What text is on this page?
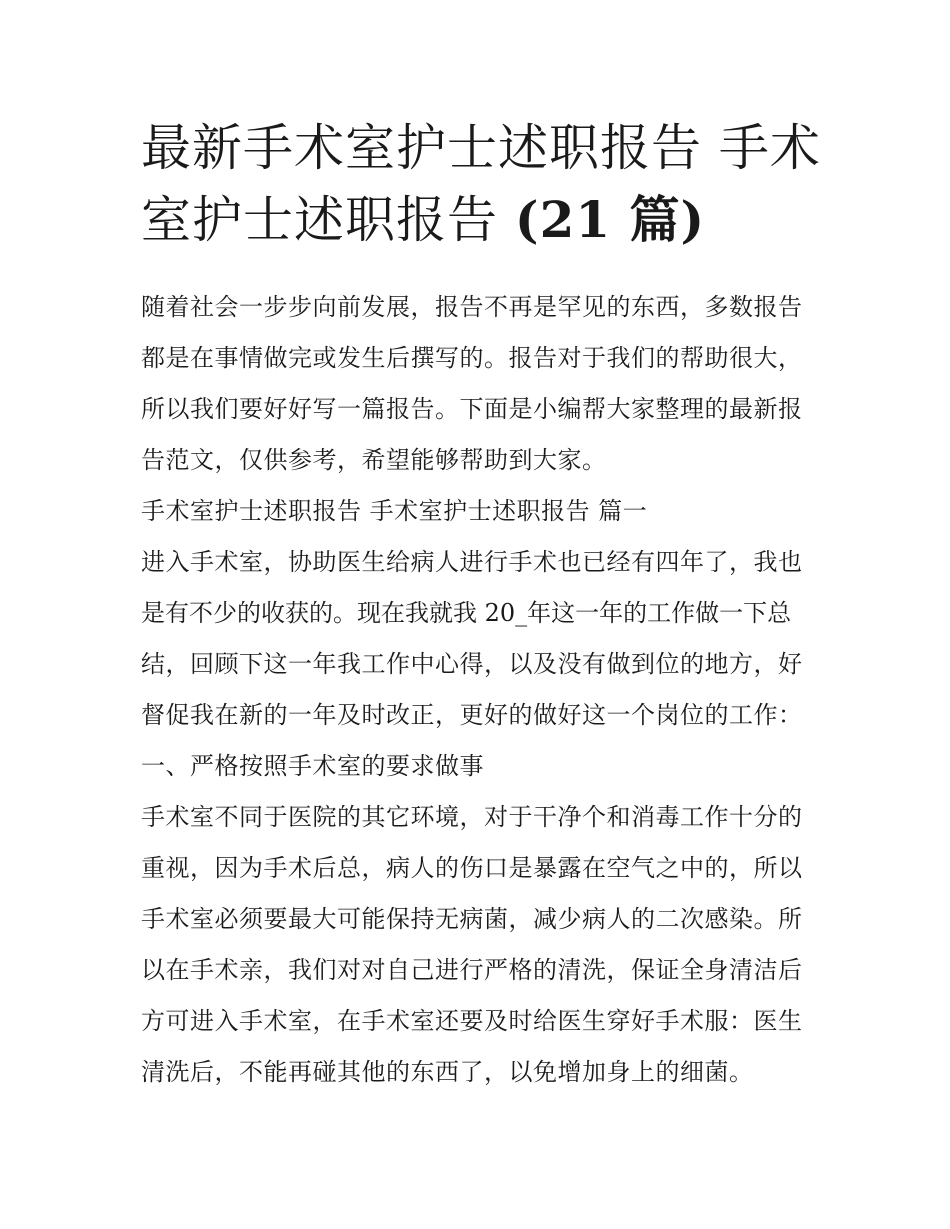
最新手术室护士述职报告 手术
室护士述职报告 (21 篇)
随着社会一步步向前发展，报告不再是罕见的东西，多数报告
都是在事情做完或发生后撰写的。报告对于我们的帮助很大，
所以我们要好好写一篇报告。下面是小编帮大家整理的最新报
告范文，仅供参考，希望能够帮助到大家。
手术室护士述职报告 手术室护士述职报告 篇一
进入手术室，协助医生给病人进行手术也已经有四年了，我也
是有不少的收获的。现在我就我 20_年这一年的工作做一下总
结，回顾下这一年我工作中心得，以及没有做到位的地方，好
督促我在新的一年及时改正，更好的做好这一个岗位的工作：
一、严格按照手术室的要求做事
手术室不同于医院的其它环境，对于干净个和消毒工作十分的
重视，因为手术后总，病人的伤口是暴露在空气之中的，所以
手术室必须要最大可能保持无病菌，减少病人的二次感染。所
以在手术亲，我们对对自己进行严格的清洗，保证全身清洁后
方可进入手术室，在手术室还要及时给医生穿好手术服：医生
清洗后，不能再碰其他的东西了，以免增加身上的细菌。
